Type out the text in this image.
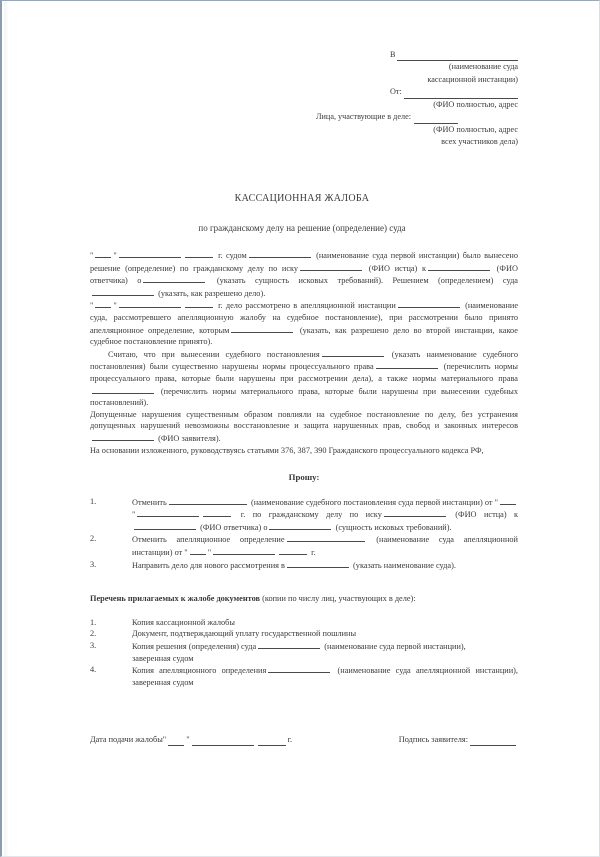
В
(наименование суда
кассационной инстанции)
От:
(ФИО полностью, адрес
Лица, участвующие в деле:
(ФИО полностью, адрес
всех участников дела)
КАССАЦИОННАЯ ЖАЛОБА
по гражданскому делу на решение (определение) суда

" "	г. судом	(наименование суда первой инстанции) было вынесено решение (определение) по гражданскому делу по иску	(ФИО истца) к	(ФИО ответчика) о	(указать сущность исковых требований). Решением (определением) суда (указать, как разрешено дело).

" "	г. дело рассмотрено в апелляционной инстанции	(наименование суда, рассмотревшего апелляционную жалобу на судебное постановление), при рассмотрении было принято апелляционное определение, которым	(указать, как разрешено дело во второй инстанции, какое судебное постановление принято).

Считаю, что при вынесении судебного постановления	(указать наименование судебного постановления) были существенно нарушены нормы процессуального права	(перечислить нормы процессуального права, которые были нарушены при рассмотрении дела), а также нормы материального права (перечислить нормы материального права, которые были нарушены при вынесении судебных постановлений).

Допущенные нарушения существенным образом повлияли на судебное постановление по делу, без устранения допущенных нарушений невозможны восстановление и защита нарушенных прав, свобод и законных интересов (ФИО заявителя).

На основании изложенного, руководствуясь статьями 376, 387, 390 Гражданского процессуального кодекса РФ,

Прошу:
1.	Отменить	(наименование судебного постановления суда первой инстанции) от ""	г. по гражданскому делу по иску	(ФИО истца) к (ФИО ответчика) о	(сущность исковых требований).
2.	Отменить апелляционное определение	(наименование суда апелляционной инстанции) от " "	г.
3.	Направить дело для нового рассмотрения в	(указать наименование суда).
Перечень прилагаемых к жалобе документов (копии по числу лиц, участвующих в деле):
1.	Копия кассационной жалобы
2.	Документ, подтверждающий уплату государственной пошлины
3.	Копия решения (определения) суда	(наименование суда первой инстанции),
заверенная судом
4.	Копия апелляционного определения	(наименование суда апелляционной инстанции), заверенная судом
Дата подачи жалобы " "	г.	Подпись заявителя:
